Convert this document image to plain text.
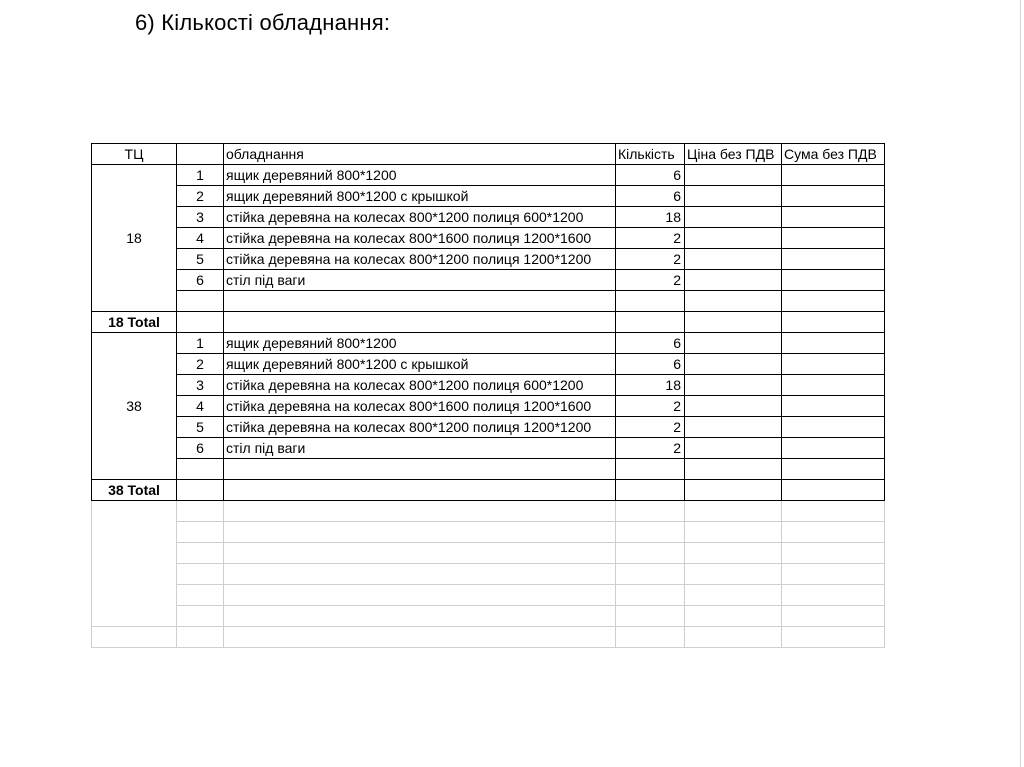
6) Кількості обладнання:
ТЦ		обладнання	Кількість	Ціна без ПДВ	Сума без ПДВ
18	1	ящик деревяний 800*1200	6		
	2	ящик деревяний 800*1200 с крышкой	6		
	3	стійка деревяна на колесах 800*1200 полиця 600*1200	18		
	4	стійка деревяна на колесах 800*1600 полиця 1200*1600	2		
	5	стійка деревяна на колесах 800*1200 полиця 1200*1200	2		
	6	стіл під ваги	2		

18 Total					
38	1	ящик деревяний 800*1200	6		
	2	ящик деревяний 800*1200 с крышкой	6		
	3	стійка деревяна на колесах 800*1200 полиця 600*1200	18		
	4	стійка деревяна на колесах 800*1600 полиця 1200*1600	2		
	5	стійка деревяна на колесах 800*1200 полиця 1200*1200	2		
	6	стіл під ваги	2		

38 Total					
